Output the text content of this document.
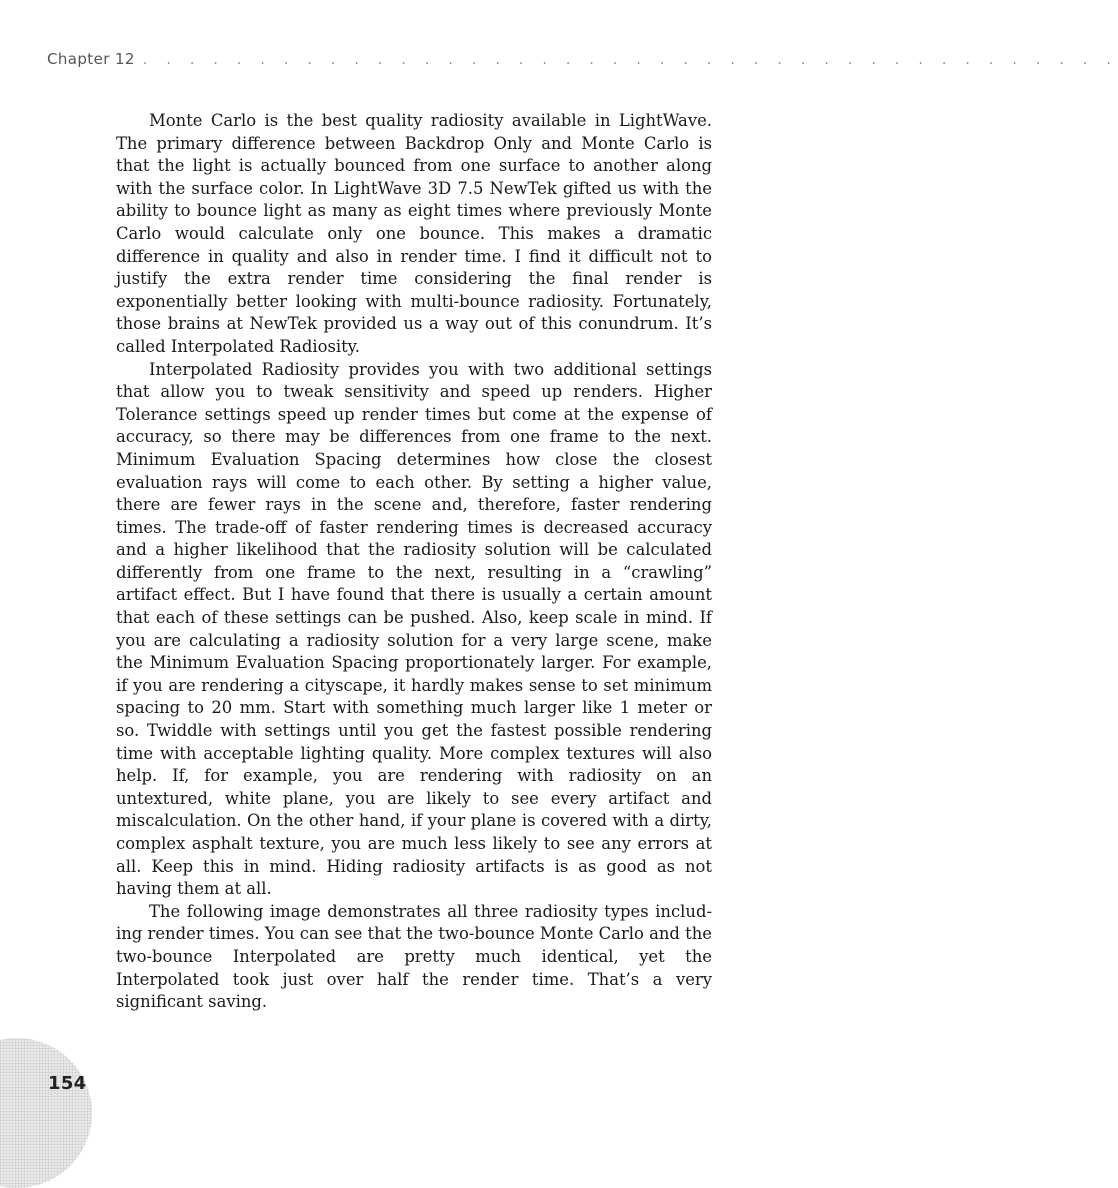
Chapter 12 . . . . . . . . . . . . . . . . . . . . . . . . . . . . . . . . . . . . . . . . . .

Monte Carlo is the best quality radiosity available in LightWave. The primary difference between Backdrop Only and Monte Carlo is that the light is actually bounced from one surface to another along with the surface color. In LightWave 3D 7.5 NewTek gifted us with the ability to bounce light as many as eight times where previously Monte Carlo would calculate only one bounce. This makes a dramatic difference in quality and also in render time. I find it difficult not to justify the extra render time considering the final render is exponentially better looking with multi-bounce radiosity. Fortunately, those brains at NewTek provided us a way out of this conundrum. It’s called Interpolated Radiosity.

Interpolated Radiosity provides you with two additional settings that allow you to tweak sensitivity and speed up renders. Higher Tolerance settings speed up render times but come at the expense of accuracy, so there may be differences from one frame to the next. Minimum Evaluation Spacing determines how close the closest evaluation rays will come to each other. By setting a higher value, there are fewer rays in the scene and, therefore, faster rendering times. The trade-off of faster rendering times is decreased accuracy and a higher likelihood that the radiosity solution will be calculated differently from one frame to the next, resulting in a “crawling” artifact effect. But I have found that there is usually a certain amount that each of these settings can be pushed. Also, keep scale in mind. If you are calculating a radiosity solution for a very large scene, make the Minimum Evaluation Spacing proportionately larger. For example, if you are rendering a cityscape, it hardly makes sense to set minimum spacing to 20 mm. Start with something much larger like 1 meter or so. Twiddle with settings until you get the fastest possible rendering time with acceptable lighting quality. More complex textures will also help. If, for example, you are rendering with radiosity on an untextured, white plane, you are likely to see every artifact and miscalculation. On the other hand, if your plane is covered with a dirty, complex asphalt texture, you are much less likely to see any errors at all. Keep this in mind. Hiding radiosity artifacts is as good as not having them at all.

The following image demonstrates all three radiosity types including render times. You can see that the two-bounce Monte Carlo and the two-bounce Interpolated are pretty much identical, yet the Interpolated took just over half the render time. That’s a very significant saving.

154
